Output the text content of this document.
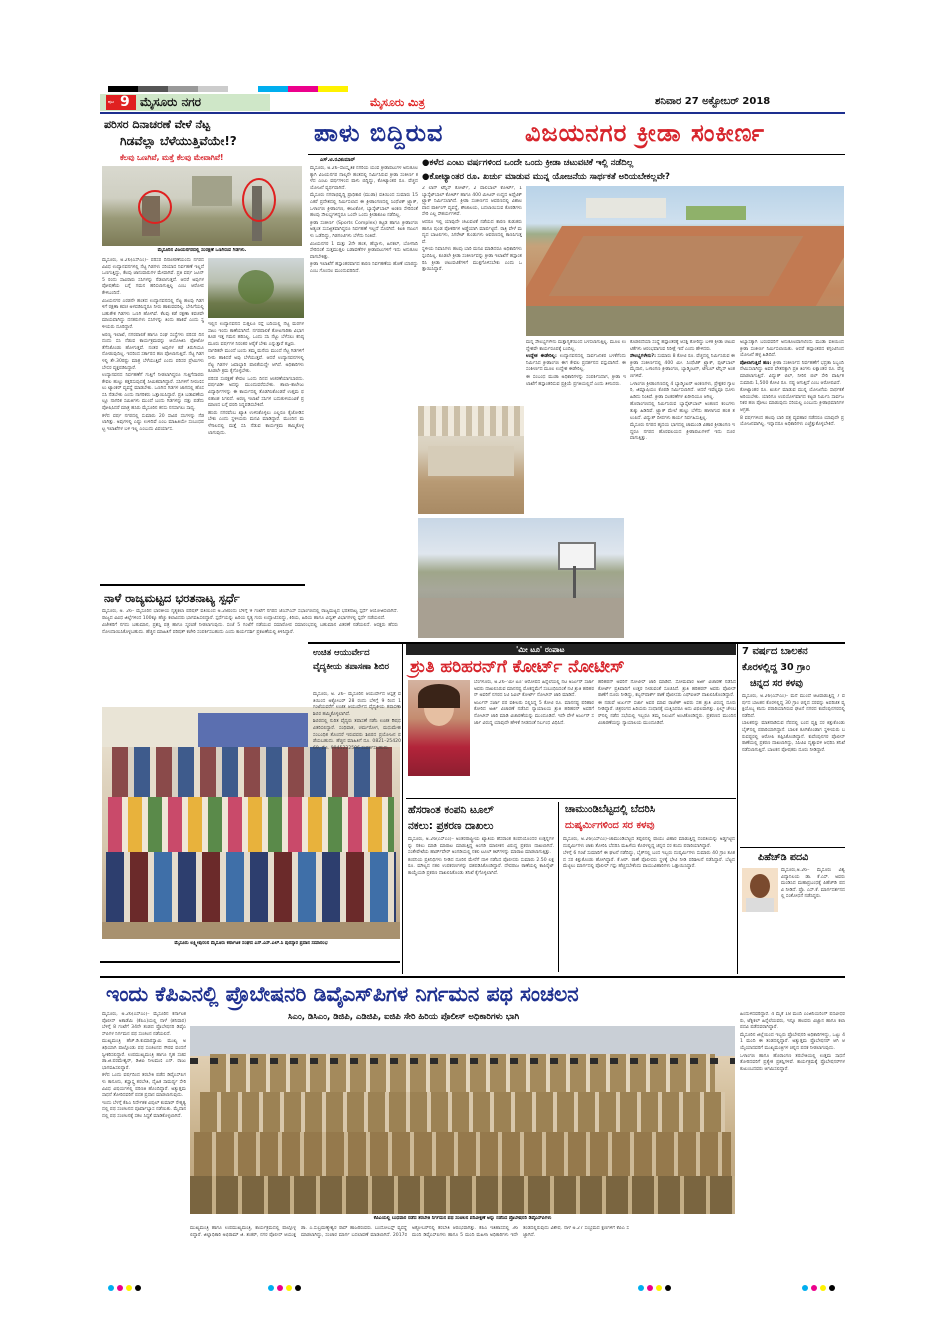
ಪುಟ 9 ಮೈಸೂರು ನಗರ	ಮೈಸೂರು ಮಿತ್ರ	ಶನಿವಾರ 27 ಅಕ್ಟೋಬರ್ 2018
ಪರಿಸರ ದಿನಾಚರಣೆ ವೇಳೆ ನೆಟ್ಟ
ಗಿಡವೆಲ್ಲಾ ಬೆಳೆಯುತ್ತಿವೆಯೇ!?
ಕೆಲವು ಒಣಗಿವೆ, ಮತ್ತೆ ಕೆಲವು ಮೇವಾಗಿವೆ!
ಮೈಸೂರಿನ ವಿಜಯನಗರದಲ್ಲಿ ಸಂರಕ್ಷಣೆ ಒಣಗಿರುವ ಗಿಡಗಳು.

ಮೈಸೂರು, ಅ.26(ಎಸ್‌ಎಂ)– ಪರಿಸರ ದಿನಾಚರಣೆಯಂದು ನಗರದ ವಿವಿಧ ಉದ್ಯಾನವನಗಳಲ್ಲಿ ನೆಟ್ಟ ಗಿಡಗಳು ಸರಿಯಾದ ನಿರ್ವಹಣೆ ಇಲ್ಲದೆ ಒಣಗುತ್ತಿದ್ದು, ಕೆಲವು ಜಾನುವಾರುಗಳ ಮೇವಾಗಿವೆ. ಪ್ರತಿ ವರ್ಷ ಜೂನ್ 5 ರಂದು ಸಾವಿರಾರು ಸಸಿಗಳನ್ನು ನೆಡಲಾಗುತ್ತದೆ. ಆದರೆ ಅವುಗಳ ಪೋಷಣೆಯ ಬಗ್ಗೆ ಗಮನ ಹರಿಸಲಾಗುತ್ತಿಲ್ಲ ಎಂಬ ಆರೋಪ ಕೇಳಿಬಂದಿದೆ.

ವಿಜಯನಗರ ಎರಡನೇ ಹಂತದ ಉದ್ಯಾನವನದಲ್ಲಿ ನೆಟ್ಟ ಹಲವು ಗಿಡಗಳಿಗೆ ರಕ್ಷಣಾ ಕವಚ ಅಳವಡಿಸಿದ್ದರೂ ನೀರು ಹಾಕುವವರಿಲ್ಲ. ಬೇಸಿಗೆಯಲ್ಲಿ ಬಹುತೇಕ ಗಿಡಗಳು ಒಣಗಿ ಹೋಗಿವೆ. ಕೆಲವು ಕಡೆ ರಕ್ಷಣಾ ಕವಚವೇ ಮಾಯವಾಗಿದ್ದು ದನಕರುಗಳು ಸಸಿಗಳನ್ನು ತಿಂದು ಹಾಕಿವೆ ಎಂದು ಸ್ಥಳೀಯರು ದೂರಿದ್ದಾರೆ.

ಅರಣ್ಯ ಇಲಾಖೆ, ನಗರಪಾಲಿಕೆ ಹಾಗೂ ಸಂಘ ಸಂಸ್ಥೆಗಳು ಪರಿಸರ ದಿನದಂದು ಸಸಿ ನೆಡುವ ಕಾರ್ಯಕ್ರಮವನ್ನು ಆಯೋಜಿಸಿ ಫೋಟೋ ತೆಗೆಸಿಕೊಂಡು ಹೋಗುತ್ತವೆ. ನಂತರ ಅವುಗಳ ಕಡೆ ತಿರುಗಿಯೂ ನೋಡುವುದಿಲ್ಲ. ಇದರಿಂದ ಸರ್ಕಾರದ ಹಣ ಪೋಲಾಗುತ್ತಿದೆ. ನೆಟ್ಟ ಗಿಡಗಳಲ್ಲಿ ಶೇ.30ರಷ್ಟು ಮಾತ್ರ ಬೆಳೆಯುತ್ತಿವೆ ಎಂದು ಪರಿಸರ ಪ್ರೇಮಿಗಳು ಬೇಸರ ವ್ಯಕ್ತಪಡಿಸಿದ್ದಾರೆ.

ಉದ್ಯಾನವನದ ನಿರ್ವಹಣೆಗೆ ಗುತ್ತಿಗೆ ನೀಡಲಾಗಿದ್ದರೂ ಗುತ್ತಿಗೆದಾರರು ಕೇವಲ ಹುಲ್ಲು ಕತ್ತರಿಸುವುದಕ್ಕೆ ಸೀಮಿತವಾಗಿದ್ದಾರೆ. ಸಸಿಗಳಿಗೆ ನೀರುಣಿಸಲು ಟ್ಯಾಂಕರ್ ವ್ಯವಸ್ಥೆ ಮಾಡಬೇಕು. ಒಣಗಿದ ಗಿಡಗಳ ಜಾಗದಲ್ಲಿ ಹೊಸ ಸಸಿ ನೆಡಬೇಕು ಎಂದು ನಾಗರಿಕರು ಒತ್ತಾಯಿಸಿದ್ದಾರೆ. ಪ್ರತಿ ಬಡಾವಣೆಯಲ್ಲೂ ನಾಗರಿಕ ಸಮಿತಿಗಳು ಮುಂದೆ ಬಂದು ಗಿಡಗಳನ್ನು ದತ್ತು ಪಡೆದು ಪೋಷಿಸಿದರೆ ಮಾತ್ರ ಹಸಿರು ಮೈಸೂರಿನ ಕನಸು ನನಸಾಗಲು ಸಾಧ್ಯ.

ಕಳೆದ ವರ್ಷ ನಗರದಲ್ಲಿ ಸುಮಾರು 20 ಸಾವಿರ ಸಸಿಗಳನ್ನು ನೆಡಲಾಗಿತ್ತು. ಅವುಗಳಲ್ಲಿ ಎಷ್ಟು ಉಳಿದಿವೆ ಎಂಬ ಮಾಹಿತಿಯೇ ಸಂಬಂಧಪಟ್ಟ ಇಲಾಖೆಗಳ ಬಳಿ ಇಲ್ಲ ಎಂಬುದು ವಿಪರ್ಯಾಸ.

ಇಲ್ಲಿನ ಉದ್ಯಾನವನದ ಸುತ್ತಲೂ ರಸ್ತೆ ಬದಿಯಲ್ಲಿ ನೆಟ್ಟ ಮರಗಳ ಸಾಲು ಇಂದು ಕಾಣೆಯಾಗಿದೆ. ನಗರಪಾಲಿಕೆ ತೋಟಗಾರಿಕಾ ವಿಭಾಗ ಕೂಡ ಇತ್ತ ಗಮನ ಹರಿಸಿಲ್ಲ. ಒಂದು ಸಸಿ ನೆಟ್ಟು ಬೆಳೆಸಲು ಕನಿಷ್ಠ ಮೂರು ವರ್ಷಗಳ ನಿರಂತರ ಆರೈಕೆ ಬೇಕು ಎನ್ನುತ್ತಾರೆ ತಜ್ಞರು.

ನಾಗರಿಕರೇ ಮುಂದೆ ಬಂದು ತಮ್ಮ ಮನೆಯ ಮುಂದೆ ನೆಟ್ಟ ಗಿಡಗಳಿಗೆ ನೀರು ಹಾಕಿದರೆ ಅವು ಬೆಳೆಯುತ್ತವೆ. ಆದರೆ ಉದ್ಯಾನವನಗಳಲ್ಲಿ ನೆಟ್ಟ ಗಿಡಗಳ ಜವಾಬ್ದಾರಿ ಪಾಲಿಕೆಯದ್ದೇ ಆಗಿದೆ. ಅಧಿಕಾರಿಗಳು ಕೂಡಲೇ ಕ್ರಮ ಕೈಗೊಳ್ಳಬೇಕು.

ಪರಿಸರ ಸಂರಕ್ಷಣೆ ಕೇವಲ ಒಂದು ದಿನದ ಆಚರಣೆಯಾಗಬಾರದು. ವರ್ಷವಿಡೀ ಅದನ್ನು ಮುಂದುವರೆಸಬೇಕು. ಶಾಲಾ–ಕಾಲೇಜು ವಿದ್ಯಾರ್ಥಿಗಳನ್ನು ಈ ಕಾರ್ಯದಲ್ಲಿ ತೊಡಗಿಸಿಕೊಂಡರೆ ಉತ್ತಮ ಫಲಿತಾಂಶ ಸಿಗಲಿದೆ. ಅರಣ್ಯ ಇಲಾಖೆ ಸಸಿಗಳ ಬದುಕುಳಿಯುವಿಕೆ ಪ್ರಮಾಣದ ಬಗ್ಗೆ ವರದಿ ಸಿದ್ಧಪಡಿಸಬೇಕಿದೆ.

ಹಸಿರು ನಗರವೆಂಬ ಖ್ಯಾತಿ ಉಳಿಸಿಕೊಳ್ಳಲು ಎಲ್ಲರೂ ಕೈಜೋಡಿಸಬೇಕು ಎಂದು ಸ್ಥಳೀಯರು ಮನವಿ ಮಾಡಿದ್ದಾರೆ. ಮುಂದಿನ ಮಳೆಗಾಲದಲ್ಲಿ ಮತ್ತೆ ಸಸಿ ನೆಡುವ ಕಾರ್ಯಕ್ರಮ ಹಮ್ಮಿಕೊಳ್ಳಲಾಗುವುದು.

ಪಾಳು ಬಿದ್ದಿರುವ	ವಿಜಯನಗರ ಕ್ರೀಡಾ ಸಂಕೀರ್ಣ
ಎಸ್.ಟಿ.ರವಿಕುಮಾರ್	●ಕಳೆದ ಎಂಟು ವರ್ಷಗಳಿಂದ ಒಂದೇ ಒಂದು ಕ್ರೀಡಾ ಚಟುವಟಿಕೆ ಇಲ್ಲಿ ನಡೆದಿಲ್ಲ
●ಕೋಟ್ಯಾಂತರ ರೂ. ಖರ್ಚು ಮಾಡುವ ಮುನ್ನ ಯೋಜನೆಯ ಸಾರ್ಥಕತೆ ಅರಿಯಬೇಕಲ್ಲವೇ?

ಮೈಸೂರು, ಅ.26–ಸಾಂಸ್ಕೃತಿಕ ನಗರಿಯ ಯುವ ಕ್ರೀಡಾಪಟುಗಳ ಅನುಕೂಲಕ್ಕಾಗಿ ವಿಜಯನಗರ ನಾಲ್ಕನೇ ಹಂತದಲ್ಲಿ ನಿರ್ಮಿಸಿರುವ ಕ್ರೀಡಾ ಸಂಕೀರ್ಣ ಕಳೆದ ಎಂಟು ವರ್ಷಗಳಿಂದ ಪಾಳು ಬಿದ್ದಿದ್ದು, ಕೋಟ್ಯಾಂತರ ರೂ. ವೆಚ್ಚದ ಯೋಜನೆ ವ್ಯರ್ಥವಾಗಿದೆ.

ಮೈಸೂರು ನಗರಾಭಿವೃದ್ಧಿ ಪ್ರಾಧಿಕಾರ (ಮುಡಾ) ವತಿಯಿಂದ ಸುಮಾರು 15 ಎಕರೆ ಪ್ರದೇಶದಲ್ಲಿ ನಿರ್ಮಿಸಲಾದ ಈ ಕ್ರೀಡಾಂಗಣದಲ್ಲಿ ಸಿಂಥೆಟಿಕ್ ಟ್ರ್ಯಾಕ್, ಒಳಾಂಗಣ ಕ್ರೀಡಾಂಗಣ, ಈಜುಕೊಳ, ಬ್ಯಾಸ್ಕೆಟ್‌ಬಾಲ್ ಅಂಕಣ ಸೇರಿದಂತೆ ಹಲವು ಸೌಲಭ್ಯಗಳಿದ್ದರೂ ಒಂದೇ ಒಂದು ಕ್ರೀಡಾಕೂಟ ನಡೆದಿಲ್ಲ.

ಕ್ರೀಡಾ ಸಂಕೀರ್ಣ (Sports Complex) ಕಟ್ಟಡ ಹಾಗೂ ಕ್ರೀಡಾಂಗಣ ಅತ್ಯಂತ ಸುಸಜ್ಜಿತವಾಗಿದ್ದರೂ ನಿರ್ವಹಣೆ ಇಲ್ಲದೆ ಸೊರಗಿದೆ. ಕಿಟಕಿ ಗಾಜುಗಳು ಒಡೆದಿದ್ದು, ಗಿಡಗಂಟಿಗಳು ಬೆಳೆದು ನಿಂತಿವೆ.

ವಿಜಯನಗರ 1 ಮತ್ತು 2ನೇ ಹಂತ, ಹೆಬ್ಬಾಳು, ಹಿನಕಲ್, ಬೋಗಾದಿ ಸೇರಿದಂತೆ ಸುತ್ತಮುತ್ತಲ ಬಡಾವಣೆಗಳ ಕ್ರೀಡಾಪಟುಗಳಿಗೆ ಇದು ಅನುಕೂಲವಾಗಬೇಕಿತ್ತು.

ಕ್ರೀಡಾ ಇಲಾಖೆಗೆ ಹಸ್ತಾಂತರವಾಗದ ಕಾರಣ ನಿರ್ವಹಣೆಯ ಹೊಣೆ ಯಾರದ್ದು ಎಂಬ ಗೊಂದಲ ಮುಂದುವರಿದಿದೆ.

2 ಲಾನ್ ಟೆನ್ನಿಸ್ ಕೋರ್ಟ್, 2 ವಾಲಿಬಾಲ್ ಕೋರ್ಟ್, 1 ಬ್ಯಾಸ್ಕೆಟ್‌ಬಾಲ್ ಕೋರ್ಟ್ ಹಾಗೂ 400 ಮೀಟರ್ ಉದ್ದದ ಅಥ್ಲೆಟಿಕ್ ಟ್ರ್ಯಾಕ್ ನಿರ್ಮಿಸಲಾಗಿದೆ. ಕ್ರೀಡಾ ಸಂಕೀರ್ಣದ ಆವರಣದಲ್ಲಿ ವಿಶಾಲವಾದ ಪಾರ್ಕಿಂಗ್ ವ್ಯವಸ್ಥೆ, ಶೌಚಾಲಯ, ಬದಲಾಯಿಸುವ ಕೊಠಡಿಗಳು ಸೇರಿ ಎಲ್ಲ ಸೌಕರ್ಯಗಳಿವೆ.

ಆದರೂ ಇಲ್ಲಿ ಯಾವುದೇ ಚಟುವಟಿಕೆ ನಡೆಯದ ಕಾರಣ ಕುಡುಕರು ಹಾಗೂ ಪುಂಡ ಪೋಕರಿಗಳ ಅಡ್ಡೆಯಾಗಿ ಮಾರ್ಪಟ್ಟಿದೆ. ರಾತ್ರಿ ವೇಳೆ ಮದ್ಯದ ಬಾಟಲಿಗಳು, ಸಿಗರೇಟ್ ತುಂಡುಗಳು ಆವರಣದಲ್ಲಿ ಕಾಣಸಿಗುತ್ತವೆ.

ಸ್ಥಳೀಯ ನಿವಾಸಿಗಳು ಹಲವು ಬಾರಿ ಮನವಿ ಮಾಡಿದರೂ ಅಧಿಕಾರಿಗಳು ಸ್ಪಂದಿಸಿಲ್ಲ. ಕೂಡಲೇ ಕ್ರೀಡಾ ಸಂಕೀರ್ಣವನ್ನು ಕ್ರೀಡಾ ಇಲಾಖೆಗೆ ಹಸ್ತಾಂತರಿಸಿ ಕ್ರೀಡಾ ಚಟುವಟಿಕೆಗಳಿಗೆ ಮುಕ್ತಗೊಳಿಸಬೇಕು ಎಂದು ಒತ್ತಾಯಿಸಿದ್ದಾರೆ.

ಮನ್ನ ಸೌಲಭ್ಯಗಳೇನು ಮತ್ತಾಗ್ಯತೆಯಿಂದ ಬಳಸಲಾಗುತ್ತಿಲ್ಲ. ಮೂಲ ಉದ್ದೇಶವೇ ಕಾರ್ಯರೂಪಕ್ಕೆ ಬಂದಿಲ್ಲ.

ಉದ್ದೇಶ ಈಡೇರಿಲ್ಲ: ಉದ್ಯಾನವನದಲ್ಲಿ ಸಾರ್ವಜನಿಕರ ಬಳಕೆಗೆಂದು ನಿರ್ಮಿಸಿದ ಕ್ರೀಡಾಂಗಣ ಈಗ ಕೇವಲ ಪ್ರದರ್ಶನದ ವಸ್ತುವಾಗಿದೆ. ಈ ಸಂಕೀರ್ಣದ ಮೂಲ ಉದ್ದೇಶ ಈಡೇರಿಲ್ಲ.

ಈ ಸಂಬಂಧ ಮುಡಾ ಅಧಿಕಾರಿಗಳನ್ನು ಸಂಪರ್ಕಿಸಿದಾಗ, ಕ್ರೀಡಾ ಇಲಾಖೆಗೆ ಹಸ್ತಾಂತರಿಸುವ ಪ್ರಕ್ರಿಯೆ ಪ್ರಗತಿಯಲ್ಲಿದೆ ಎಂದು ತಿಳಿಸಿದರು.

ಕೊಡಲಿದೆಯಾ ಸಂಸ್ಥೆ ಹಸ್ತಾಂತರಕ್ಕೆ ಆಸಕ್ತಿ ತೋರಿದ್ದು ಬಳಿಕ ಕ್ರೀಡಾ ಚಟುವಟಿಕೆಗಳು ಆರಂಭವಾಗುವ ನಿರೀಕ್ಷೆ ಇದೆ ಎಂದು ಹೇಳಿದರು.

ಸೌಲಭ್ಯಗಳೇನು?: ಸುಮಾರು 8 ಕೋಟಿ ರೂ. ವೆಚ್ಚದಲ್ಲಿ ನಿರ್ಮಿಸಿರುವ ಈ ಕ್ರೀಡಾ ಸಂಕೀರ್ಣದಲ್ಲಿ 400 ಮೀ. ಸಿಂಥೆಟಿಕ್ ಟ್ರ್ಯಾಕ್, ಫುಟ್‌ಬಾಲ್ ಮೈದಾನ, ಒಳಾಂಗಣ ಕ್ರೀಡಾಂಗಣ, ಬ್ಯಾಡ್ಮಿಂಟನ್, ಟೇಬಲ್ ಟೆನ್ನಿಸ್ ಅಂಕಣಗಳಿವೆ.

ಒಳಾಂಗಣ ಕ್ರೀಡಾಂಗಣದಲ್ಲಿ 4 ಬ್ಯಾಡ್ಮಿಂಟನ್ ಅಂಕಣಗಳು, ಪ್ರೇಕ್ಷಕರ ಗ್ಯಾಲರಿ, ಜಿಮ್ನಾಷಿಯಂ ಕೊಠಡಿ ನಿರ್ಮಿಸಲಾಗಿದೆ. ಆದರೆ ಇವೆಲ್ಲವೂ ಧೂಳು ಹಿಡಿದು ನಿಂತಿವೆ. ಕ್ರೀಡಾ ಸಲಕರಣೆಗಳ ಖರೀದಿಯೂ ಆಗಿಲ್ಲ.

ಹೊರಾಂಗಣದಲ್ಲಿ ನಿರ್ಮಿಸಿರುವ ಬ್ಯಾಸ್ಕೆಟ್‌ಬಾಲ್ ಅಂಕಣದ ಕಂಬಗಳು ತುಕ್ಕು ಹಿಡಿದಿವೆ. ಟ್ರ್ಯಾಕ್ ಮೇಲೆ ಹುಲ್ಲು ಬೆಳೆದು ಹಾಳಾಗುವ ಹಂತ ತಲುಪಿದೆ. ವಿದ್ಯುತ್ ದೀಪಗಳು ಕಾರ್ಯ ನಿರ್ವಹಿಸುತ್ತಿಲ್ಲ.

ಮೈಸೂರು ನಗರದ ಹೃದಯ ಭಾಗದಲ್ಲಿ ಚಾಮುಂಡಿ ವಿಹಾರ ಕ್ರೀಡಾಂಗಣ ಇದ್ದರೂ ನಗರದ ಹೊರವಲಯದ ಕ್ರೀಡಾಪಟುಗಳಿಗೆ ಇದು ದೂರವಾಗುತ್ತಿತ್ತು.

ಅಭ್ಯಾಸಕ್ಕಾಗಿ ಬರುವವರಿಗೆ ಅನುಕೂಲವಾಗಲೆಂದು ಮುಡಾ ವತಿಯಿಂದ ಕ್ರೀಡಾ ಸಂಕೀರ್ಣ ನಿರ್ಮಿಸಲಾಯಿತು. ಆದರೆ ಹಸ್ತಾಂತರದ ಕಗ್ಗಂಟಿನಿಂದ ಯೋಜನೆ ಹಳ್ಳ ಹಿಡಿದಿದೆ.

ಪೋಲಾಗುತ್ತಿದೆ ಹಣ: ಕ್ರೀಡಾ ಸಂಕೀರ್ಣದ ನಿರ್ವಹಣೆಗೆ ಭದ್ರತಾ ಸಿಬ್ಬಂದಿ ನೇಮಿಸಲಾಗಿದ್ದು ಅವರ ವೇತನಕ್ಕಾಗಿ ಪ್ರತಿ ತಿಂಗಳು ಲಕ್ಷಾಂತರ ರೂ. ವೆಚ್ಚ ಮಾಡಲಾಗುತ್ತಿದೆ. ವಿದ್ಯುತ್ ಬಿಲ್, ನೀರಿನ ಬಿಲ್ ಸೇರಿ ವಾರ್ಷಿಕ ಸುಮಾರು 1,500 ಕೋಟಿ ರೂ. ನಷ್ಟ ಆಗುತ್ತಿದೆ ಎಂಬ ಆರೋಪವಿದೆ.

ಕೋಟ್ಯಾಂತರ ರೂ. ಖರ್ಚು ಮಾಡುವ ಮುನ್ನ ಯೋಜನೆಯ ಸಾರ್ಥಕತೆ ಅರಿಯಬೇಕು. ಯಾರಿಗೂ ಉಪಯೋಗವಾಗದ ಕಟ್ಟಡ ನಿರ್ಮಿಸಿ ಸಾರ್ವಜನಿಕರ ಹಣ ಪೋಲು ಮಾಡುವುದು ಸರಿಯಲ್ಲ ಎಂಬುದು ಕ್ರೀಡಾಭಿಮಾನಿಗಳ ಆಗ್ರಹ.

8 ವರ್ಷಗಳಿಂದ ಹಲವು ಬಾರಿ ಪತ್ರ ವ್ಯವಹಾರ ನಡೆದರೂ ಯಾವುದೇ ಪ್ರಯೋಜನವಾಗಿಲ್ಲ. ಇನ್ನಾದರೂ ಅಧಿಕಾರಿಗಳು ಎಚ್ಚೆತ್ತುಕೊಳ್ಳಬೇಕಿದೆ.

ನಾಳೆ ರಾಜ್ಯಮಟ್ಟದ ಭರತನಾಟ್ಯ ಸ್ಪರ್ಧೆ

ಮೈಸೂರು, ಅ. 26– ಮೈಸೂರಿನ ಭಾರತೀಯ ನೃತ್ಯಕಲಾ ಪರಿಷತ್ ವತಿಯಿಂದ ಅ.28ರಂದು ಬೆಳಿಗ್ಗೆ 9 ಗಂಟೆಗೆ ನಗರದ ಜೆಎಸ್‌ಎಸ್ ಸಭಾಂಗಣದಲ್ಲಿ ರಾಜ್ಯಮಟ್ಟದ ಭರತನಾಟ್ಯ ಸ್ಪರ್ಧೆ ಆಯೋಜಿಸಲಾಗಿದೆ. ರಾಜ್ಯದ ವಿವಿಧ ಜಿಲ್ಲೆಗಳಿಂದ 100ಕ್ಕೂ ಹೆಚ್ಚು ಕಲಾವಿದರು ಭಾಗವಹಿಸಲಿದ್ದಾರೆ. ಸ್ಪರ್ಧೆಯನ್ನು ಹಿರಿಯ ನೃತ್ಯ ಗುರು ಉದ್ಘಾಟಿಸಲಿದ್ದು, ಕಿರಿಯ, ಹಿರಿಯ ಹಾಗೂ ವಿದ್ವತ್ ವಿಭಾಗಗಳಲ್ಲಿ ಸ್ಪರ್ಧೆ ನಡೆಯಲಿದೆ.

ವಿಜೇತರಿಗೆ ನಗದು ಬಹುಮಾನ, ಪ್ರಶಸ್ತಿ ಪತ್ರ ಹಾಗೂ ಸ್ಮರಣಿಕೆ ನೀಡಲಾಗುವುದು. ಸಂಜೆ 5 ಗಂಟೆಗೆ ನಡೆಯುವ ಸಮಾರೋಪ ಸಮಾರಂಭದಲ್ಲಿ ಬಹುಮಾನ ವಿತರಣೆ ನಡೆಯಲಿದೆ. ಆಸಕ್ತರು ಹೆಸರು ನೋಂದಾಯಿಸಿಕೊಳ್ಳಬಹುದು. ಹೆಚ್ಚಿನ ಮಾಹಿತಿಗೆ ಪರಿಷತ್ ಕಚೇರಿ ಸಂಪರ್ಕಿಸಬಹುದು ಎಂದು ಕಾರ್ಯದರ್ಶಿ ಪ್ರಕಟಣೆಯಲ್ಲಿ ತಿಳಿಸಿದ್ದಾರೆ.

ಮೈಸೂರು ಲಕ್ಷ್ಮೀಪುರಂನ ಮೈಸೂರು ಕರ್ನಾಟಕ ಸಂಘದ ಎಸ್.ಎಸ್.ಎಲ್.ಸಿ ಪುರಸ್ಕಾರ ಪ್ರದಾನ ಸಮಾರಂಭ
ಉಚಿತ ಆಯುರ್ವೇದ ವೈದ್ಯಕೀಯ ತಪಾಸಣಾ ಶಿಬಿರ

ಮೈಸೂರು, ಅ. 26– ಮೈಸೂರಿನ ಆಯುರ್ವೇದ ಆಸ್ಪತ್ರೆ ವತಿಯಿಂದ ಅಕ್ಟೋಬರ್ 28 ರಂದು ಬೆಳಿಗ್ಗೆ 9 ರಿಂದ 1 ಗಂಟೆಯವರೆಗೆ ಉಚಿತ ಆಯುರ್ವೇದ ವೈದ್ಯಕೀಯ ತಪಾಸಣಾ ಶಿಬಿರ ಹಮ್ಮಿಕೊಳ್ಳಲಾಗಿದೆ.

ಶಿಬಿರದಲ್ಲಿ ನುರಿತ ವೈದ್ಯರು ತಪಾಸಣೆ ನಡೆಸಿ ಉಚಿತ ಔಷಧ ವಿತರಿಸಲಿದ್ದಾರೆ. ಸಂಧಿವಾತ, ಚರ್ಮರೋಗ, ಮಧುಮೇಹ ಸಂಬಂಧಿತ ತೊಂದರೆ ಇರುವವರು ಶಿಬಿರದ ಪ್ರಯೋಜನ ಪಡೆಯಬಹುದು. ಹೆಚ್ಚಿನ ಮಾಹಿತಿಗೆ ದೂ. 0821–2542069, ಮೊ. 9945222596 ಸಂಪರ್ಕಿಸಬಹುದು.

'ಮೀ ಟೂ' ರಂಪಾಟ
ಶ್ರುತಿ ಹರಿಹರನ್‌ಗೆ ಕೋರ್ಟ್ ನೋಟೀಸ್

ಬೆಂಗಳೂರು, ಅ.26–'ಮೀ ಟೂ' ಆರೋಪದ ಹಿನ್ನೆಲೆಯಲ್ಲಿ ನಟ ಅರ್ಜುನ್ ಸರ್ಜಾ ಅವರು ದಾಖಲಿಸಿರುವ ಮಾನನಷ್ಟ ಮೊಕದ್ದಮೆಗೆ ಸಂಬಂಧಿಸಿದಂತೆ ನಟಿ ಶ್ರುತಿ ಹರಿಹರನ್ ಅವರಿಗೆ ನಗರದ ಸಿಟಿ ಸಿವಿಲ್ ಕೋರ್ಟ್ ನೋಟೀಸ್ ಜಾರಿ ಮಾಡಿದೆ.

ಅರ್ಜುನ್ ಸರ್ಜಾ ಪರ ವಕೀಲರು ಸಲ್ಲಿಸಿದ್ದ 5 ಕೋಟಿ ರೂ. ಮಾನನಷ್ಟ ಪರಿಹಾರ ಕೋರಿದ ಅರ್ಜಿ ವಿಚಾರಣೆ ನಡೆಸಿದ ನ್ಯಾಯಾಲಯ ಶ್ರುತಿ ಹರಿಹರನ್ ಅವರಿಗೆ ನೋಟೀಸ್ ಜಾರಿ ಮಾಡಿ ವಿಚಾರಣೆಯನ್ನು ಮುಂದೂಡಿದೆ. ಇದೇ ವೇಳೆ ಅರ್ಜುನ್ ಸರ್ಜಾ ವಿರುದ್ಧ ಯಾವುದೇ ಹೇಳಿಕೆ ನೀಡದಂತೆ ನಿರ್ಬಂಧ ವಿಧಿಸಿದೆ.

ಹರಿಹರನ್ ಅವರಿಗೆ ನೋಟೀಸ್ ಜಾರಿ ಮಾಡಿದೆ. ಸೋಮವಾರ ಅರ್ಜಿ ವಿಚಾರಣೆ ನಡೆಸಿದ ಕೋರ್ಟ್ ಪ್ರತಿವಾದಿಗೆ ಉತ್ತರ ನೀಡುವಂತೆ ಸೂಚಿಸಿದೆ. ಶ್ರುತಿ ಹರಿಹರನ್ ಅವರು ಪೊಲೀಸ್ ಠಾಣೆಗೆ ದೂರು ನೀಡಿದ್ದು, ಕಬ್ಬನ್‌ಪಾರ್ಕ್ ಠಾಣೆ ಪೊಲೀಸರು ಎಫ್‌ಐಆರ್ ದಾಖಲಿಸಿಕೊಂಡಿದ್ದಾರೆ.

ಈ ನಡುವೆ ಅರ್ಜುನ್ ಸರ್ಜಾ ಅವರ ಮಾವ ರಾಜೇಶ್ ಅವರು ಸಹ ಶ್ರುತಿ ವಿರುದ್ಧ ದೂರು ನೀಡಿದ್ದಾರೆ. ಚಿತ್ರರಂಗದ ಹಿರಿಯರು ಸಂಧಾನಕ್ಕೆ ಯತ್ನಿಸಿದರೂ ಅದು ವಿಫಲವಾಗಿತ್ತು. ಫಿಲ್ಮ್ ಚೇಂಬರ್‌ನಲ್ಲಿ ನಡೆದ ಸಭೆಯಲ್ಲಿ ಇಬ್ಬರೂ ತಮ್ಮ ನಿಲುವಿಗೆ ಅಂಟಿಕೊಂಡಿದ್ದರು. ಪ್ರಕರಣದ ಮುಂದಿನ ವಿಚಾರಣೆಯನ್ನು ನ್ಯಾಯಾಲಯ ಮುಂದೂಡಿದೆ.

7 ವರ್ಷದ ಬಾಲಕನ
ಕೊರಳಲ್ಲಿದ್ದ 30 ಗ್ರಾಂ
ಚಿನ್ನದ ಸರ ಕಳವು

ಮೈಸೂರು, ಅ.26(ಎಸ್‌ಎಂ)– ಮನೆ ಮುಂದೆ ಆಟವಾಡುತ್ತಿದ್ದ 7 ವರ್ಷದ ಬಾಲಕನ ಕೊರಳಲ್ಲಿದ್ದ 30 ಗ್ರಾಂ ಚಿನ್ನದ ಸರವನ್ನು ಅಪರಿಚಿತ ವ್ಯಕ್ತಿಯೊಬ್ಬ ಕಸಿದು ಪರಾರಿಯಾಗಿರುವ ಘಟನೆ ನಗರದ ಕುವೆಂಪುನಗರದಲ್ಲಿ ನಡೆದಿದೆ.

ಬಾಲಕನನ್ನು ಮಾತನಾಡಿಸುವ ನೆಪದಲ್ಲಿ ಬಂದ ವ್ಯಕ್ತಿ ಸರ ಕಿತ್ತುಕೊಂಡು ಬೈಕ್‌ನಲ್ಲಿ ಪರಾರಿಯಾಗಿದ್ದಾನೆ. ಬಾಲಕ ಕೂಗಿಕೊಂಡಾಗ ಸ್ಥಳೀಯರು ಬರುವಷ್ಟರಲ್ಲಿ ಆರೋಪಿ ತಪ್ಪಿಸಿಕೊಂಡಿದ್ದಾನೆ. ಕುವೆಂಪುನಗರ ಪೊಲೀಸ್ ಠಾಣೆಯಲ್ಲಿ ಪ್ರಕರಣ ದಾಖಲಾಗಿದ್ದು, ಸಿಸಿಟಿವಿ ದೃಶ್ಯಾವಳಿ ಆಧರಿಸಿ ತನಿಖೆ ನಡೆಸಲಾಗುತ್ತಿದೆ. ಬಾಲಕನ ಪೋಷಕರು ದೂರು ನೀಡಿದ್ದಾರೆ.

ಹೆಸರಾಂತ ಕಂಪನಿ ಟೂಲ್
ನಕಲು: ಪ್ರಕರಣ ದಾಖಲು

ಮೈಸೂರು, ಅ.26(ಎಸ್‌ಎಂ)– ಅಂತರರಾಷ್ಟ್ರೀಯ ಖ್ಯಾತಿಯ ಹೆಸರಾಂತ ಕಂಪನಿಯೊಂದರ ಉತ್ಪನ್ನಗಳನ್ನು ನಕಲು ಮಾಡಿ ಮಾರಾಟ ಮಾಡುತ್ತಿದ್ದ ಅಂಗಡಿ ಮಾಲೀಕನ ವಿರುದ್ಧ ಪ್ರಕರಣ ದಾಖಲಾಗಿದೆ. ಸಂತೇಪೇಟೆಯ ಹಾರ್ಡ್‌ವೇರ್ ಅಂಗಡಿಯಲ್ಲಿ ನಕಲಿ ಟೂಲ್ ಕಿಟ್‌ಗಳನ್ನು ಮಾರಾಟ ಮಾಡಲಾಗುತ್ತಿತ್ತು.

ಕಂಪನಿಯ ಪ್ರತಿನಿಧಿಗಳು ನೀಡಿದ ದೂರಿನ ಮೇರೆಗೆ ದಾಳಿ ನಡೆಸಿದ ಪೊಲೀಸರು ಸುಮಾರು 2.50 ಲಕ್ಷ ರೂ. ಮೌಲ್ಯದ ನಕಲಿ ಉಪಕರಣಗಳನ್ನು ವಶಪಡಿಸಿಕೊಂಡಿದ್ದಾರೆ. ದೇವರಾಜ ಠಾಣೆಯಲ್ಲಿ ಕಾಪಿರೈಟ್ ಕಾಯ್ದೆಯಡಿ ಪ್ರಕರಣ ದಾಖಲಿಸಿಕೊಂಡು ತನಿಖೆ ಕೈಗೊಳ್ಳಲಾಗಿದೆ.

ಚಾಮುಂಡಿಬೆಟ್ಟದಲ್ಲಿ ಬೆದರಿಸಿ
ದುಷ್ಕರ್ಮಿಗಳಿಂದ ಸರ ಕಳವು

ಮೈಸೂರು, ಅ.26(ಎಸ್‌ಎಂ)–ಚಾಮುಂಡಿಬೆಟ್ಟದ ತಪ್ಪಲಿನಲ್ಲಿ ವಾಯು ವಿಹಾರ ಮಾಡುತ್ತಿದ್ದ ದಂಪತಿಯನ್ನು ಅಡ್ಡಗಟ್ಟಿದ ದುಷ್ಕರ್ಮಿಗಳು ಚಾಕು ತೋರಿಸಿ ಬೆದರಿಸಿ ಮಹಿಳೆಯ ಕೊರಳಲ್ಲಿದ್ದ ಚಿನ್ನದ ಸರ ಕಸಿದು ಪರಾರಿಯಾಗಿದ್ದಾರೆ.

ಬೆಳಿಗ್ಗೆ 6 ಗಂಟೆ ಸುಮಾರಿಗೆ ಈ ಘಟನೆ ನಡೆದಿದ್ದು, ಬೈಕ್‌ನಲ್ಲಿ ಬಂದ ಇಬ್ಬರು ದುಷ್ಕರ್ಮಿಗಳು ಸುಮಾರು 40 ಗ್ರಾಂ ತೂಕದ ಸರ ಕಿತ್ತುಕೊಂಡು ಹೋಗಿದ್ದಾರೆ. ಕೆ.ಆರ್. ಠಾಣೆ ಪೊಲೀಸರು ಸ್ಥಳಕ್ಕೆ ಭೇಟಿ ನೀಡಿ ಪರಿಶೀಲನೆ ನಡೆಸಿದ್ದಾರೆ. ಬೆಟ್ಟದ ಮೆಟ್ಟಿಲು ಮಾರ್ಗದಲ್ಲಿ ಪೊಲೀಸ್ ಗಸ್ತು ಹೆಚ್ಚಿಸಬೇಕೆಂದು ವಾಯುವಿಹಾರಿಗಳು ಒತ್ತಾಯಿಸಿದ್ದಾರೆ.

ಪಿಹೆಚ್‌ಡಿ ಪದವಿ

ಮೈಸೂರು,ಅ.26– ಮೈಸೂರು ವಿಶ್ವವಿದ್ಯಾನಿಲಯ ಡಾ. ಕೆ.ಎಸ್. ಅವರು ಮಂಡಿಸಿದ ಮಹಾಪ್ರಬಂಧಕ್ಕೆ ಪಿಹೆಚ್‌ಡಿ ಪದವಿ ನೀಡಿದೆ. ಪ್ರೊ. ಎಸ್.ಕೆ. ಮಾರ್ಗದರ್ಶನದಲ್ಲಿ ಸಂಶೋಧನೆ ನಡೆಸಿದ್ದರು.

ಇಂದು ಕೆಪಿಎನಲ್ಲಿ ಪ್ರೊಬೇಷನರಿ ಡಿವೈಎಸ್‌ಪಿಗಳ ನಿರ್ಗಮನ ಪಥ ಸಂಚಲನ
ಸಿಎಂ, ಡಿಸಿಎಂ, ಡಿಜಿಪಿ, ಎಡಿಜಿಪಿ, ಐಜಿಪಿ ಸೇರಿ ಹಿರಿಯ ಪೊಲೀಸ್ ಅಧಿಕಾರಿಗಳು ಭಾಗಿ

ಮೈಸೂರು, ಅ.26(ಎಸ್‌ಎಂ)– ಮೈಸೂರಿನ ಕರ್ನಾಟಕ ಪೊಲೀಸ್ ಅಕಾಡೆಮಿ (ಕೆಪಿಎ)ಯಲ್ಲಿ ನಾಳೆ (ಶನಿವಾರ) ಬೆಳಿಗ್ಗೆ 8 ಗಂಟೆಗೆ 34ನೇ ತಂಡದ ಪ್ರೊಬೇಷನರಿ ಡಿವೈಎಸ್‌ಪಿಗಳ ನಿರ್ಗಮನ ಪಥ ಸಂಚಲನ ನಡೆಯಲಿದೆ.

ಮುಖ್ಯಮಂತ್ರಿ ಹೆಚ್.ಡಿ.ಕುಮಾರಸ್ವಾಮಿ ಮುಖ್ಯ ಅತಿಥಿಯಾಗಿ ಪಾಲ್ಗೊಂಡು ಪಥ ಸಂಚಲನದ ಗೌರವ ವಂದನೆ ಸ್ವೀಕರಿಸಲಿದ್ದಾರೆ. ಉಪಮುಖ್ಯಮಂತ್ರಿ ಹಾಗೂ ಗೃಹ ಸಚಿವ ಡಾ.ಜಿ.ಪರಮೇಶ್ವರ್, ಡಿಜಿಪಿ ನೀಲಮಣಿ ಎನ್. ರಾಜು ಭಾಗವಹಿಸಲಿದ್ದಾರೆ.

ಕಳೆದ ಒಂದು ವರ್ಷದಿಂದ ತರಬೇತಿ ಪಡೆದ ಡಿವೈಎಸ್‌ಪಿಗಳು ಕಾನೂನು, ಶಸ್ತ್ರಾಸ್ತ್ರ ತರಬೇತಿ, ದೈಹಿಕ ಸಾಮರ್ಥ್ಯ ಸೇರಿ ವಿವಿಧ ವಿಷಯಗಳಲ್ಲಿ ಪರಿಣತಿ ಹೊಂದಿದ್ದಾರೆ. ಅತ್ಯುತ್ತಮ ಸಾಧನೆ ತೋರಿದವರಿಗೆ ಪದಕ ಪ್ರದಾನ ಮಾಡಲಾಗುವುದು.

ಇಂದು ಬೆಳಗ್ಗೆ ಕೆಪಿಎ ನಿರ್ದೇಶಕ ವಿಪುಲ್ ಕುಮಾರ್ ನೇತೃತ್ವದಲ್ಲಿ ಪಥ ಸಂಚಲನದ ಪೂರ್ವಾಭ್ಯಾಸ ನಡೆಯಿತು. ಮೈದಾನದಲ್ಲಿ ಪಥ ಸಂಚಲನಕ್ಕೆ ಸಕಲ ಸಿದ್ಧತೆ ಮಾಡಿಕೊಳ್ಳಲಾಗಿದೆ.

ಕೆಪಿಎಯಲ್ಲಿ ಬುಧವಾರ ನಡೆದ ತರಬೇತಿ ನಿರ್ಗಮನ ಪಥ ಸಂಚಲನ ಪರಿವೀಕ್ಷಣೆ ಅನ್ನು ನಡೆಸಿದ ಪ್ರೊಬೇಷನರಿ ಡಿವೈಎಸ್‌ಪಿಗಳು

ಹಿಂದುಳಿದವರಿದ್ದಾರೆ. 4 ಮೈಕೆ 18 ಮಂದಿ ಎಂಜಿನಿಯರಿಂಗ್ ಪದವೀಧರರು, ಟೆಕ್ನಿಕಲ್ ಹಿನ್ನೆಲೆಯವರು, ಇನ್ನೂ ಹಲವರು ವಿಜ್ಞಾನ ಹಾಗೂ ಕಲಾ ಪದವಿ ಪಡೆದವರಾಗಿದ್ದಾರೆ.

ಮೈಸೂರಿನ ಜಿಲ್ಲೆಯಿಂದ ಇಬ್ಬರು ಪ್ರೊಬೇಷನರಿ ಅಧಿಕಾರಿಗಳಿದ್ದು, ಒಟ್ಟು 41 ಮಂದಿ ಈ ತಂಡದಲ್ಲಿದ್ದಾರೆ. ಅತ್ಯುತ್ತಮ ಪ್ರೊಬೇಷನರ್ ಆಗಿ ಆಯ್ಕೆಯಾದವರಿಗೆ ಮುಖ್ಯಮಂತ್ರಿಗಳ ಚಿನ್ನದ ಪದಕ ನೀಡಲಾಗುವುದು.

ಒಳಾಂಗಣ ಹಾಗೂ ಹೊರಾಂಗಣ ತರಬೇತಿಯಲ್ಲಿ ಉತ್ತಮ ಸಾಧನೆ ತೋರಿದವರಿಗೆ ಪ್ರತ್ಯೇಕ ಪ್ರಶಸ್ತಿಗಳಿವೆ. ಕಾರ್ಯಕ್ರಮಕ್ಕೆ ಪ್ರೊಬೇಷನರ್‌ಗಳ ಕುಟುಂಬದವರು ಆಗಮಿಸಲಿದ್ದಾರೆ.

ಮುಖ್ಯಮಂತ್ರಿ ಹಾಗೂ ಉಪಮುಖ್ಯಮಂತ್ರಿ, ಕಾರ್ಯಕ್ರಮದಲ್ಲಿ ಪಾಲ್ಗೊಳ್ಳಲಿದ್ದಾರೆ. ಜಿಲ್ಲಾಧಿಕಾರಿ ಅಭಿರಾಮ್ ಜಿ. ಶಂಕರ್, ನಗರ ಪೊಲೀಸ್ ಆಯುಕ್ತ ಡಾ. ಎ.ಸುಬ್ರಮಣ್ಯೇಶ್ವರ ರಾವ್ ಹಾಜರಿರುವರು. ಬಂದೋಬಸ್ತ್ ವ್ಯವಸ್ಥೆ ಮಾಡಲಾಗಿದ್ದು, ಸಂಚಾರ ಮಾರ್ಗ ಬದಲಾವಣೆ ಮಾಡಲಾಗಿದೆ. 2017ರ ಅಕ್ಟೋಬರ್‌ನಲ್ಲಿ ತರಬೇತಿ ಆರಂಭವಾಗಿತ್ತು. ಕೆಪಿಎ ಇತಿಹಾಸದಲ್ಲಿ 36 ಮಂದಿ ಡಿವೈಎಸ್‌ಪಿಗಳು ಹಾಗೂ 5 ಮಂದಿ ಮಹಿಳಾ ಅಧಿಕಾರಿಗಳು ಇದೇ ತಂಡದಲ್ಲಿರುವುದು ವಿಶೇಷ. ನಾಳೆ ಅ.27 ಸಂಭ್ರಮದ ಕ್ಷಣಗಳಿಗೆ ಕೆಪಿಎ ಸಜ್ಜಾಗಿದೆ.
